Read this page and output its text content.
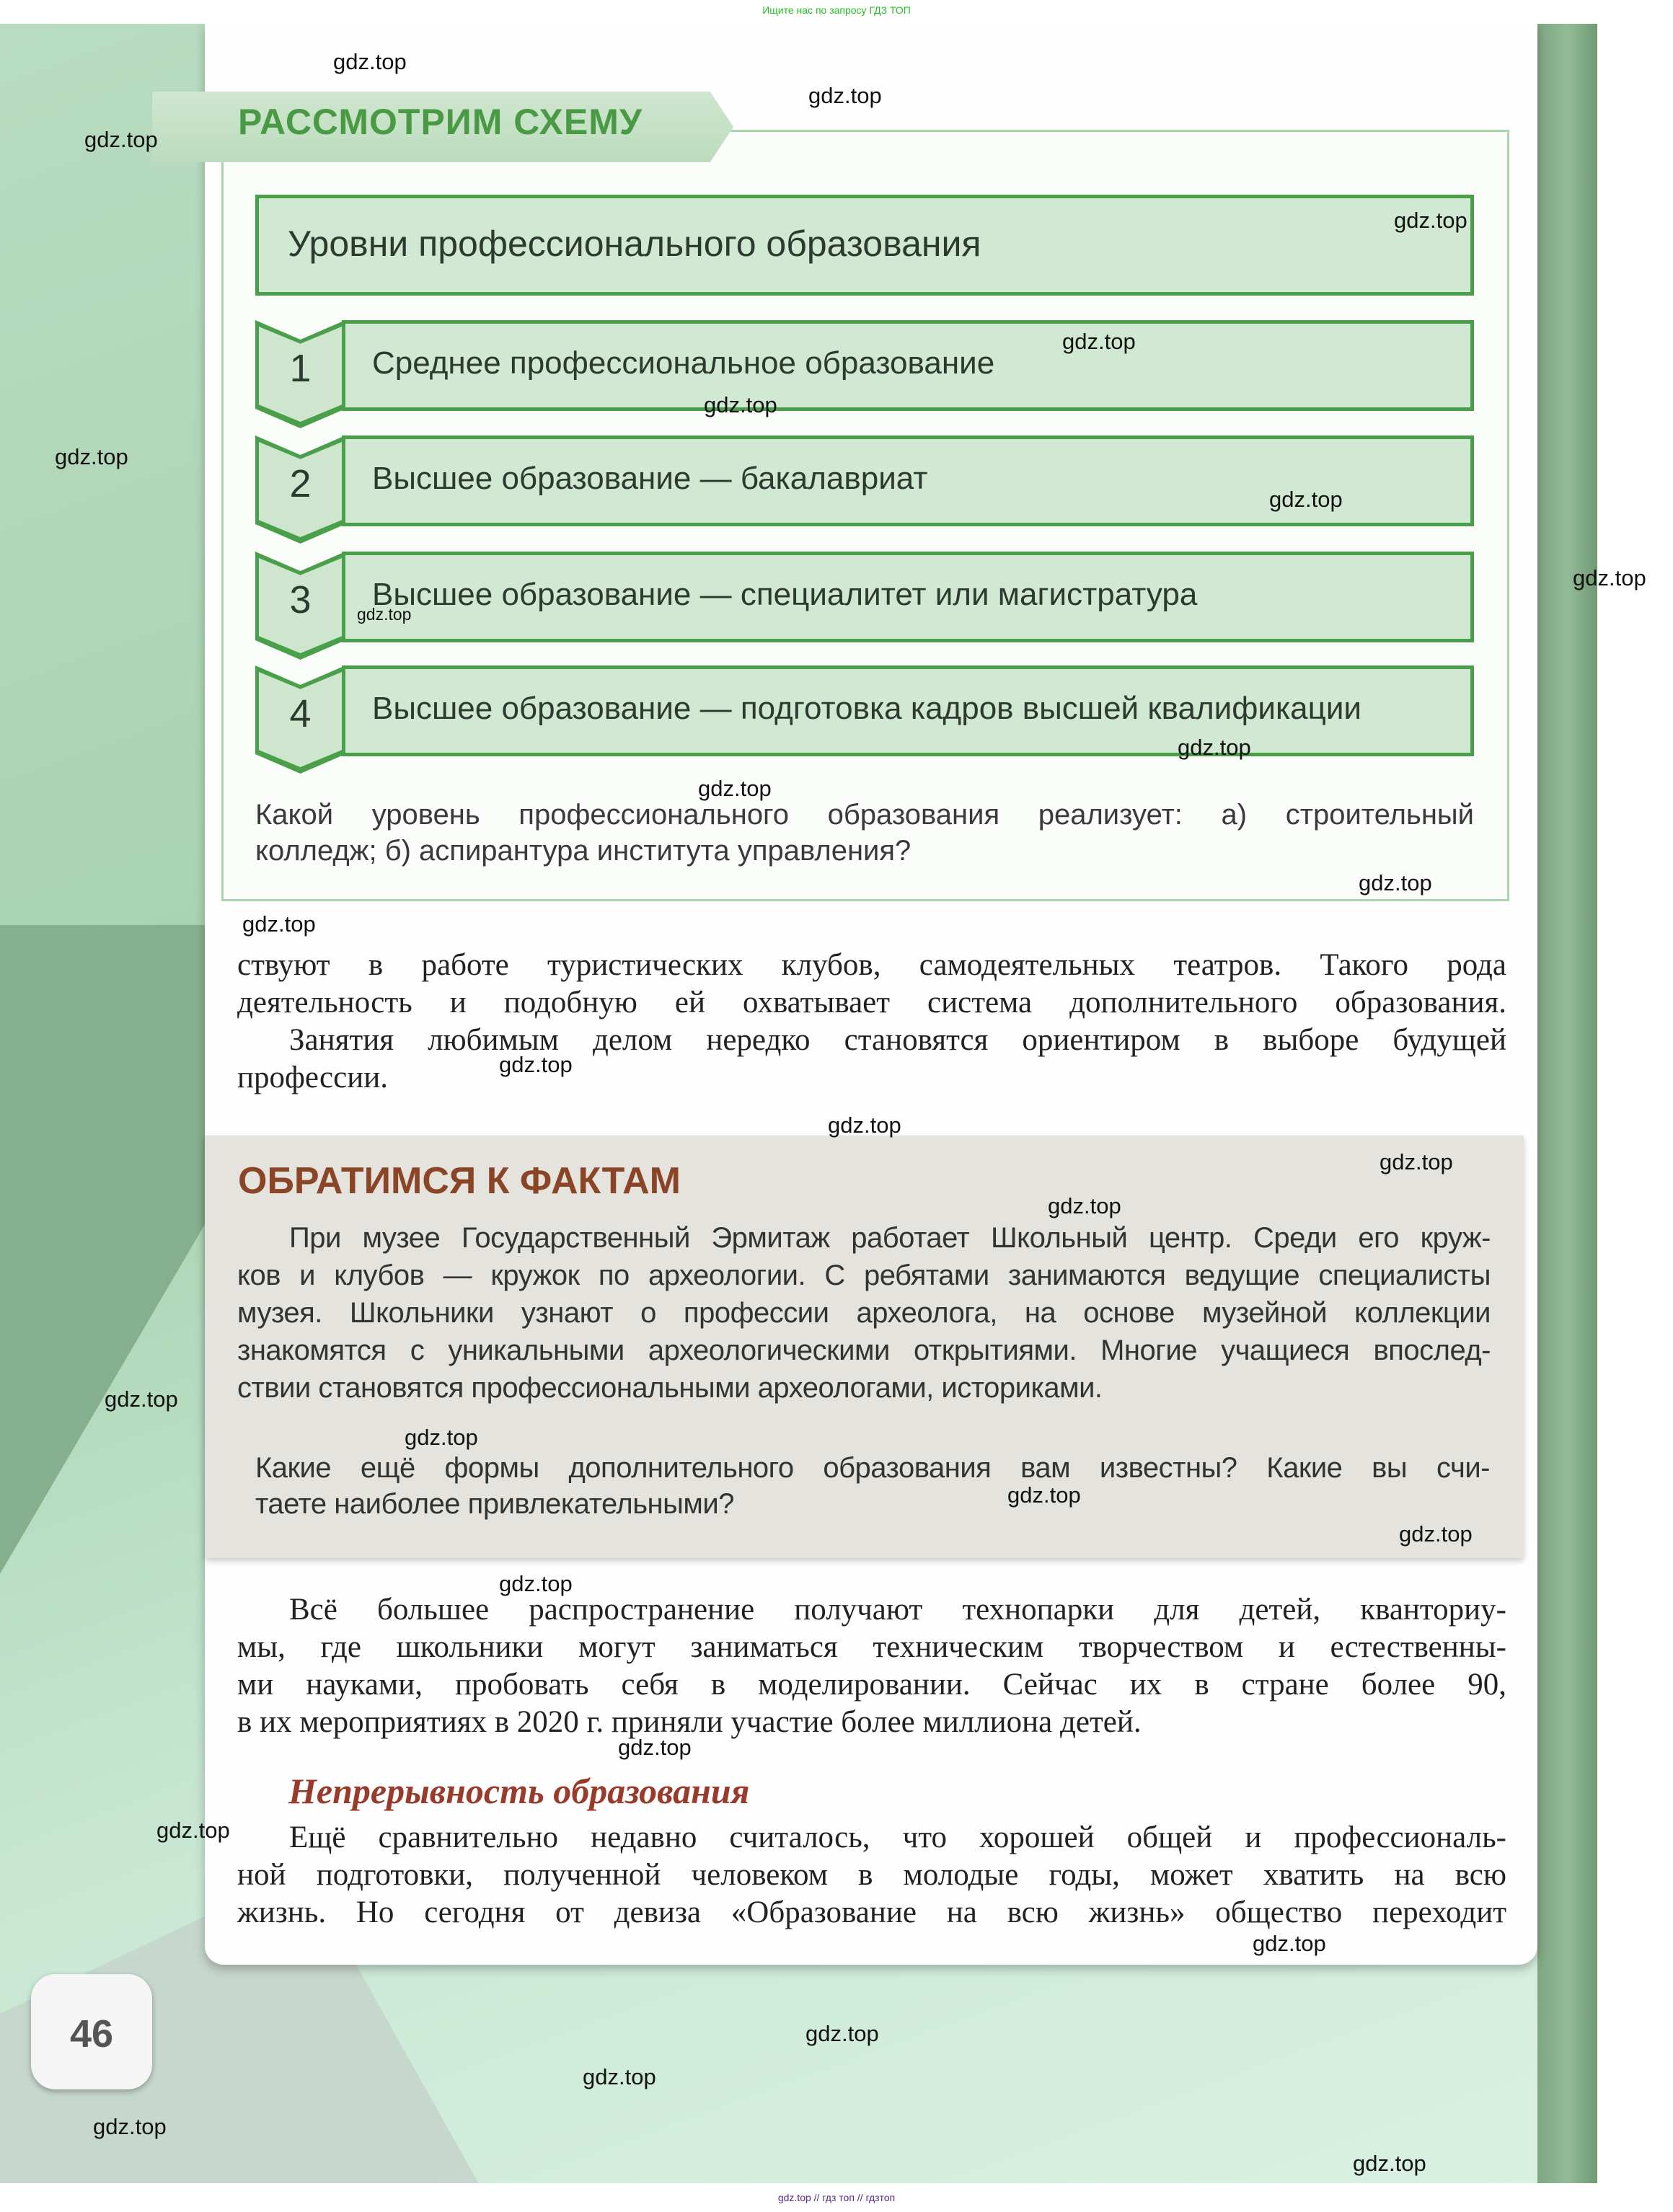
Ищите нас по запросу ГДЗ ТОП
РАССМОТРИМ СХЕМУ
Уровни профессионального образования
Среднее профессиональное образование
1
Высшее образование — бакалавриат
2
Высшее образование — специалитет или магистратура
3
Высшее образование — подготовка кадров высшей квалификации
4
Какой уровень профессионального образования реализует: а) строительный
колледж; б) аспирантура института управления?
ствуют в работе туристических клубов, самодеятельных театров. Такого рода
деятельность и подобную ей охватывает система дополнительного образования.
Занятия любимым делом нередко становятся ориентиром в выборе будущей
профессии.
ОБРАТИМСЯ К ФАКТАМ
При музее Государственный Эрмитаж работает Школьный центр. Среди его круж-
ков и клубов — кружок по археологии. С ребятами занимаются ведущие специалисты
музея. Школьники узнают о профессии археолога, на основе музейной коллекции
знакомятся с уникальными археологическими открытиями. Многие учащиеся впослед-
ствии становятся профессиональными археологами, историками.
Какие ещё формы дополнительного образования вам известны? Какие вы счи-
таете наиболее привлекательными?
Всё большее распространение получают технопарки для детей, кванториу-
мы, где школьники могут заниматься техническим творчеством и естественны-
ми науками, пробовать себя в моделировании. Сейчас их в стране более 90,
в их мероприятиях в 2020 г. приняли участие более миллиона детей.
Непрерывность образования
Ещё сравнительно недавно считалось, что хорошей общей и профессиональ-
ной подготовки, полученной человеком в молодые годы, может хватить на всю
жизнь. Но сегодня от девиза «Образование на всю жизнь» общество переходит
46
gdz.top
gdz.top
gdz.top
gdz.top
gdz.top
gdz.top
gdz.top
gdz.top
gdz.top
gdz.top
gdz.top
gdz.top
gdz.top
gdz.top
gdz.top
gdz.top
gdz.top
gdz.top
gdz.top
gdz.top
gdz.top
gdz.top
gdz.top
gdz.top
gdz.top
gdz.top
gdz.top
gdz.top
gdz.top
gdz.top
gdz.top // гдз топ // гдзтоп
